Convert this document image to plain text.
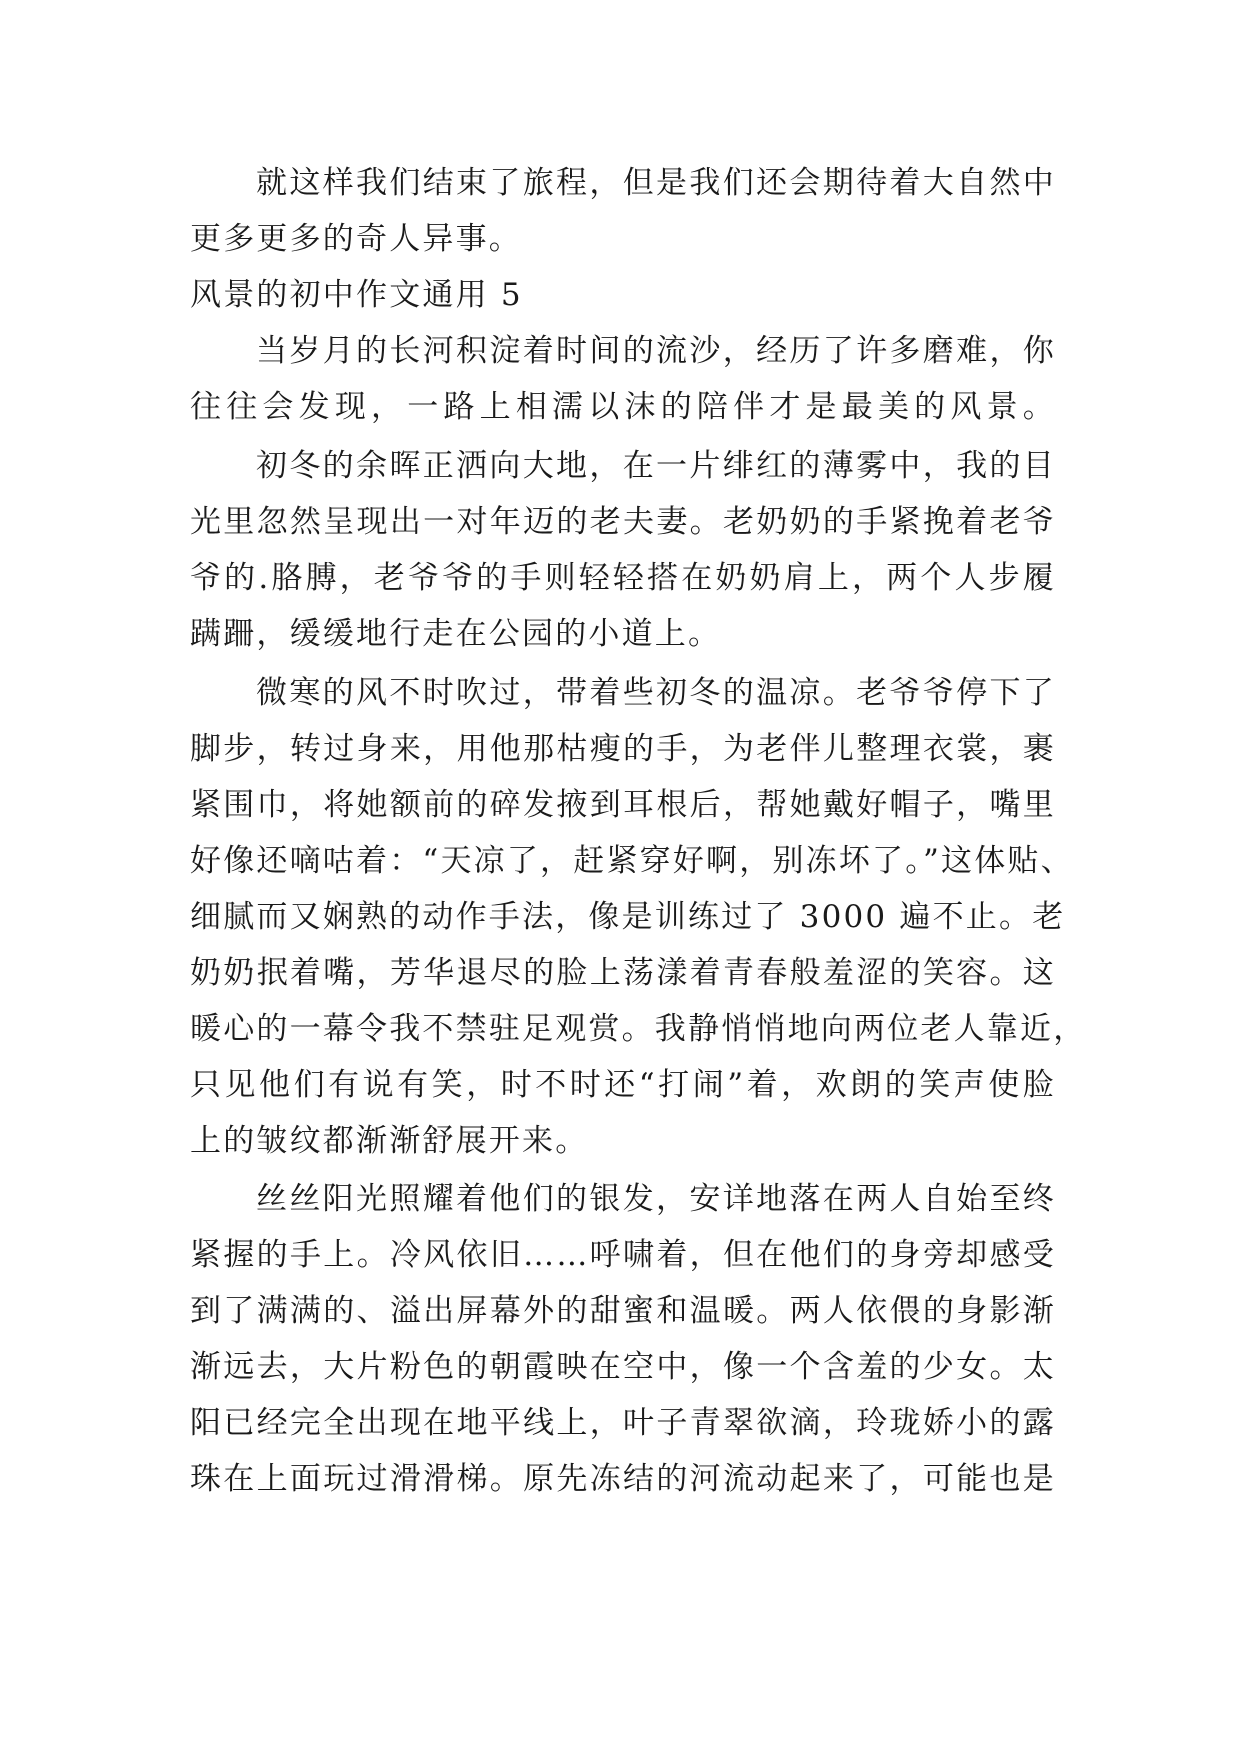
就这样我们结束了旅程，但是我们还会期待着大自然中
更多更多的奇人异事。
风景的初中作文通用 5
当岁月的长河积淀着时间的流沙，经历了许多磨难，你
往往会发现，一路上相濡以沫的陪伴才是最美的风景。
初冬的余晖正洒向大地，在一片绯红的薄雾中，我的目
光里忽然呈现出一对年迈的老夫妻。老奶奶的手紧挽着老爷
爷的.胳膊，老爷爷的手则轻轻搭在奶奶肩上，两个人步履
蹒跚，缓缓地行走在公园的小道上。
微寒的风不时吹过，带着些初冬的温凉。老爷爷停下了
脚步，转过身来，用他那枯瘦的手，为老伴儿整理衣裳，裹
紧围巾，将她额前的碎发掖到耳根后，帮她戴好帽子，嘴里
好像还嘀咕着：“天凉了，赶紧穿好啊，别冻坏了。”这体贴、
细腻而又娴熟的动作手法，像是训练过了 3000 遍不止。老
奶奶抿着嘴，芳华退尽的脸上荡漾着青春般羞涩的笑容。这
暖心的一幕令我不禁驻足观赏。我静悄悄地向两位老人靠近，
只见他们有说有笑，时不时还“打闹”着，欢朗的笑声使脸
上的皱纹都渐渐舒展开来。
丝丝阳光照耀着他们的银发，安详地落在两人自始至终
紧握的手上。冷风依旧……呼啸着，但在他们的身旁却感受
到了满满的、溢出屏幕外的甜蜜和温暖。两人依偎的身影渐
渐远去，大片粉色的朝霞映在空中，像一个含羞的少女。太
阳已经完全出现在地平线上，叶子青翠欲滴，玲珑娇小的露
珠在上面玩过滑滑梯。原先冻结的河流动起来了，可能也是
